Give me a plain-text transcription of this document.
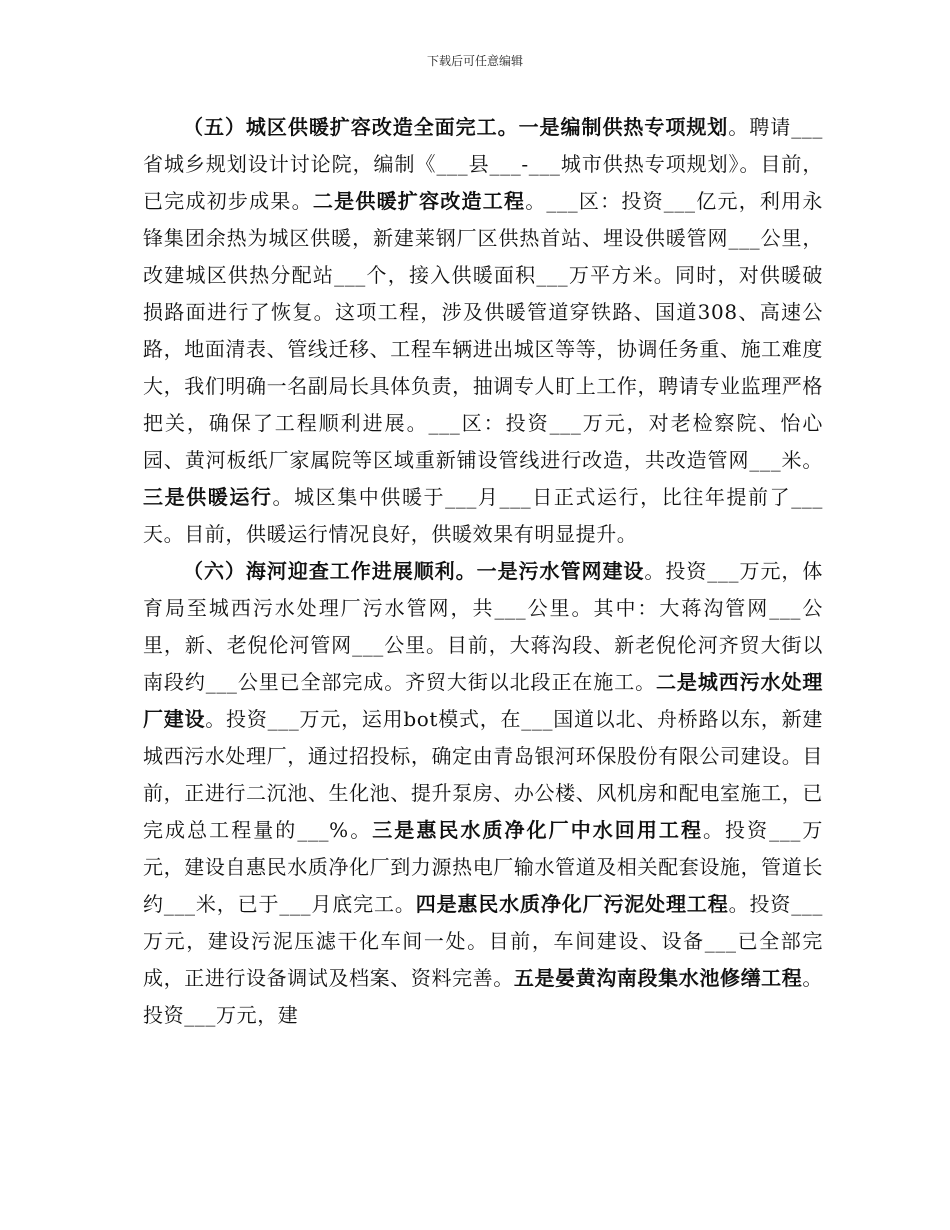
下载后可任意编辑

（五）城区供暖扩容改造全面完工。一是编制供热专项规划。聘请___省城乡规划设计讨论院，编制《___县___-___城市供热专项规划》。目前，已完成初步成果。二是供暖扩容改造工程。___区：投资___亿元，利用永锋集团余热为城区供暖，新建莱钢厂区供热首站、埋设供暖管网___公里，改建城区供热分配站___个，接入供暖面积___万平方米。同时，对供暖破损路面进行了恢复。这项工程，涉及供暖管道穿铁路、国道308、高速公路，地面清表、管线迁移、工程车辆进出城区等等，协调任务重、施工难度大，我们明确一名副局长具体负责，抽调专人盯上工作，聘请专业监理严格把关，确保了工程顺利进展。___区：投资___万元，对老检察院、怡心园、黄河板纸厂家属院等区域重新铺设管线进行改造，共改造管网___米。三是供暖运行。城区集中供暖于___月___日正式运行，比往年提前了___天。目前，供暖运行情况良好，供暖效果有明显提升。

（六）海河迎查工作进展顺利。一是污水管网建设。投资___万元，体育局至城西污水处理厂污水管网，共___公里。其中：大蒋沟管网___公里，新、老倪伦河管网___公里。目前，大蒋沟段、新老倪伦河齐贸大街以南段约___公里已全部完成。齐贸大街以北段正在施工。二是城西污水处理厂建设。投资___万元，运用bot模式，在___国道以北、舟桥路以东，新建城西污水处理厂，通过招投标，确定由青岛银河环保股份有限公司建设。目前，正进行二沉池、生化池、提升泵房、办公楼、风机房和配电室施工，已完成总工程量的___%。三是惠民水质净化厂中水回用工程。投资___万元，建设自惠民水质净化厂到力源热电厂输水管道及相关配套设施，管道长约___米，已于___月底完工。四是惠民水质净化厂污泥处理工程。投资___万元，建设污泥压滤干化车间一处。目前，车间建设、设备___已全部完成，正进行设备调试及档案、资料完善。五是晏黄沟南段集水池修缮工程。投资___万元，建
